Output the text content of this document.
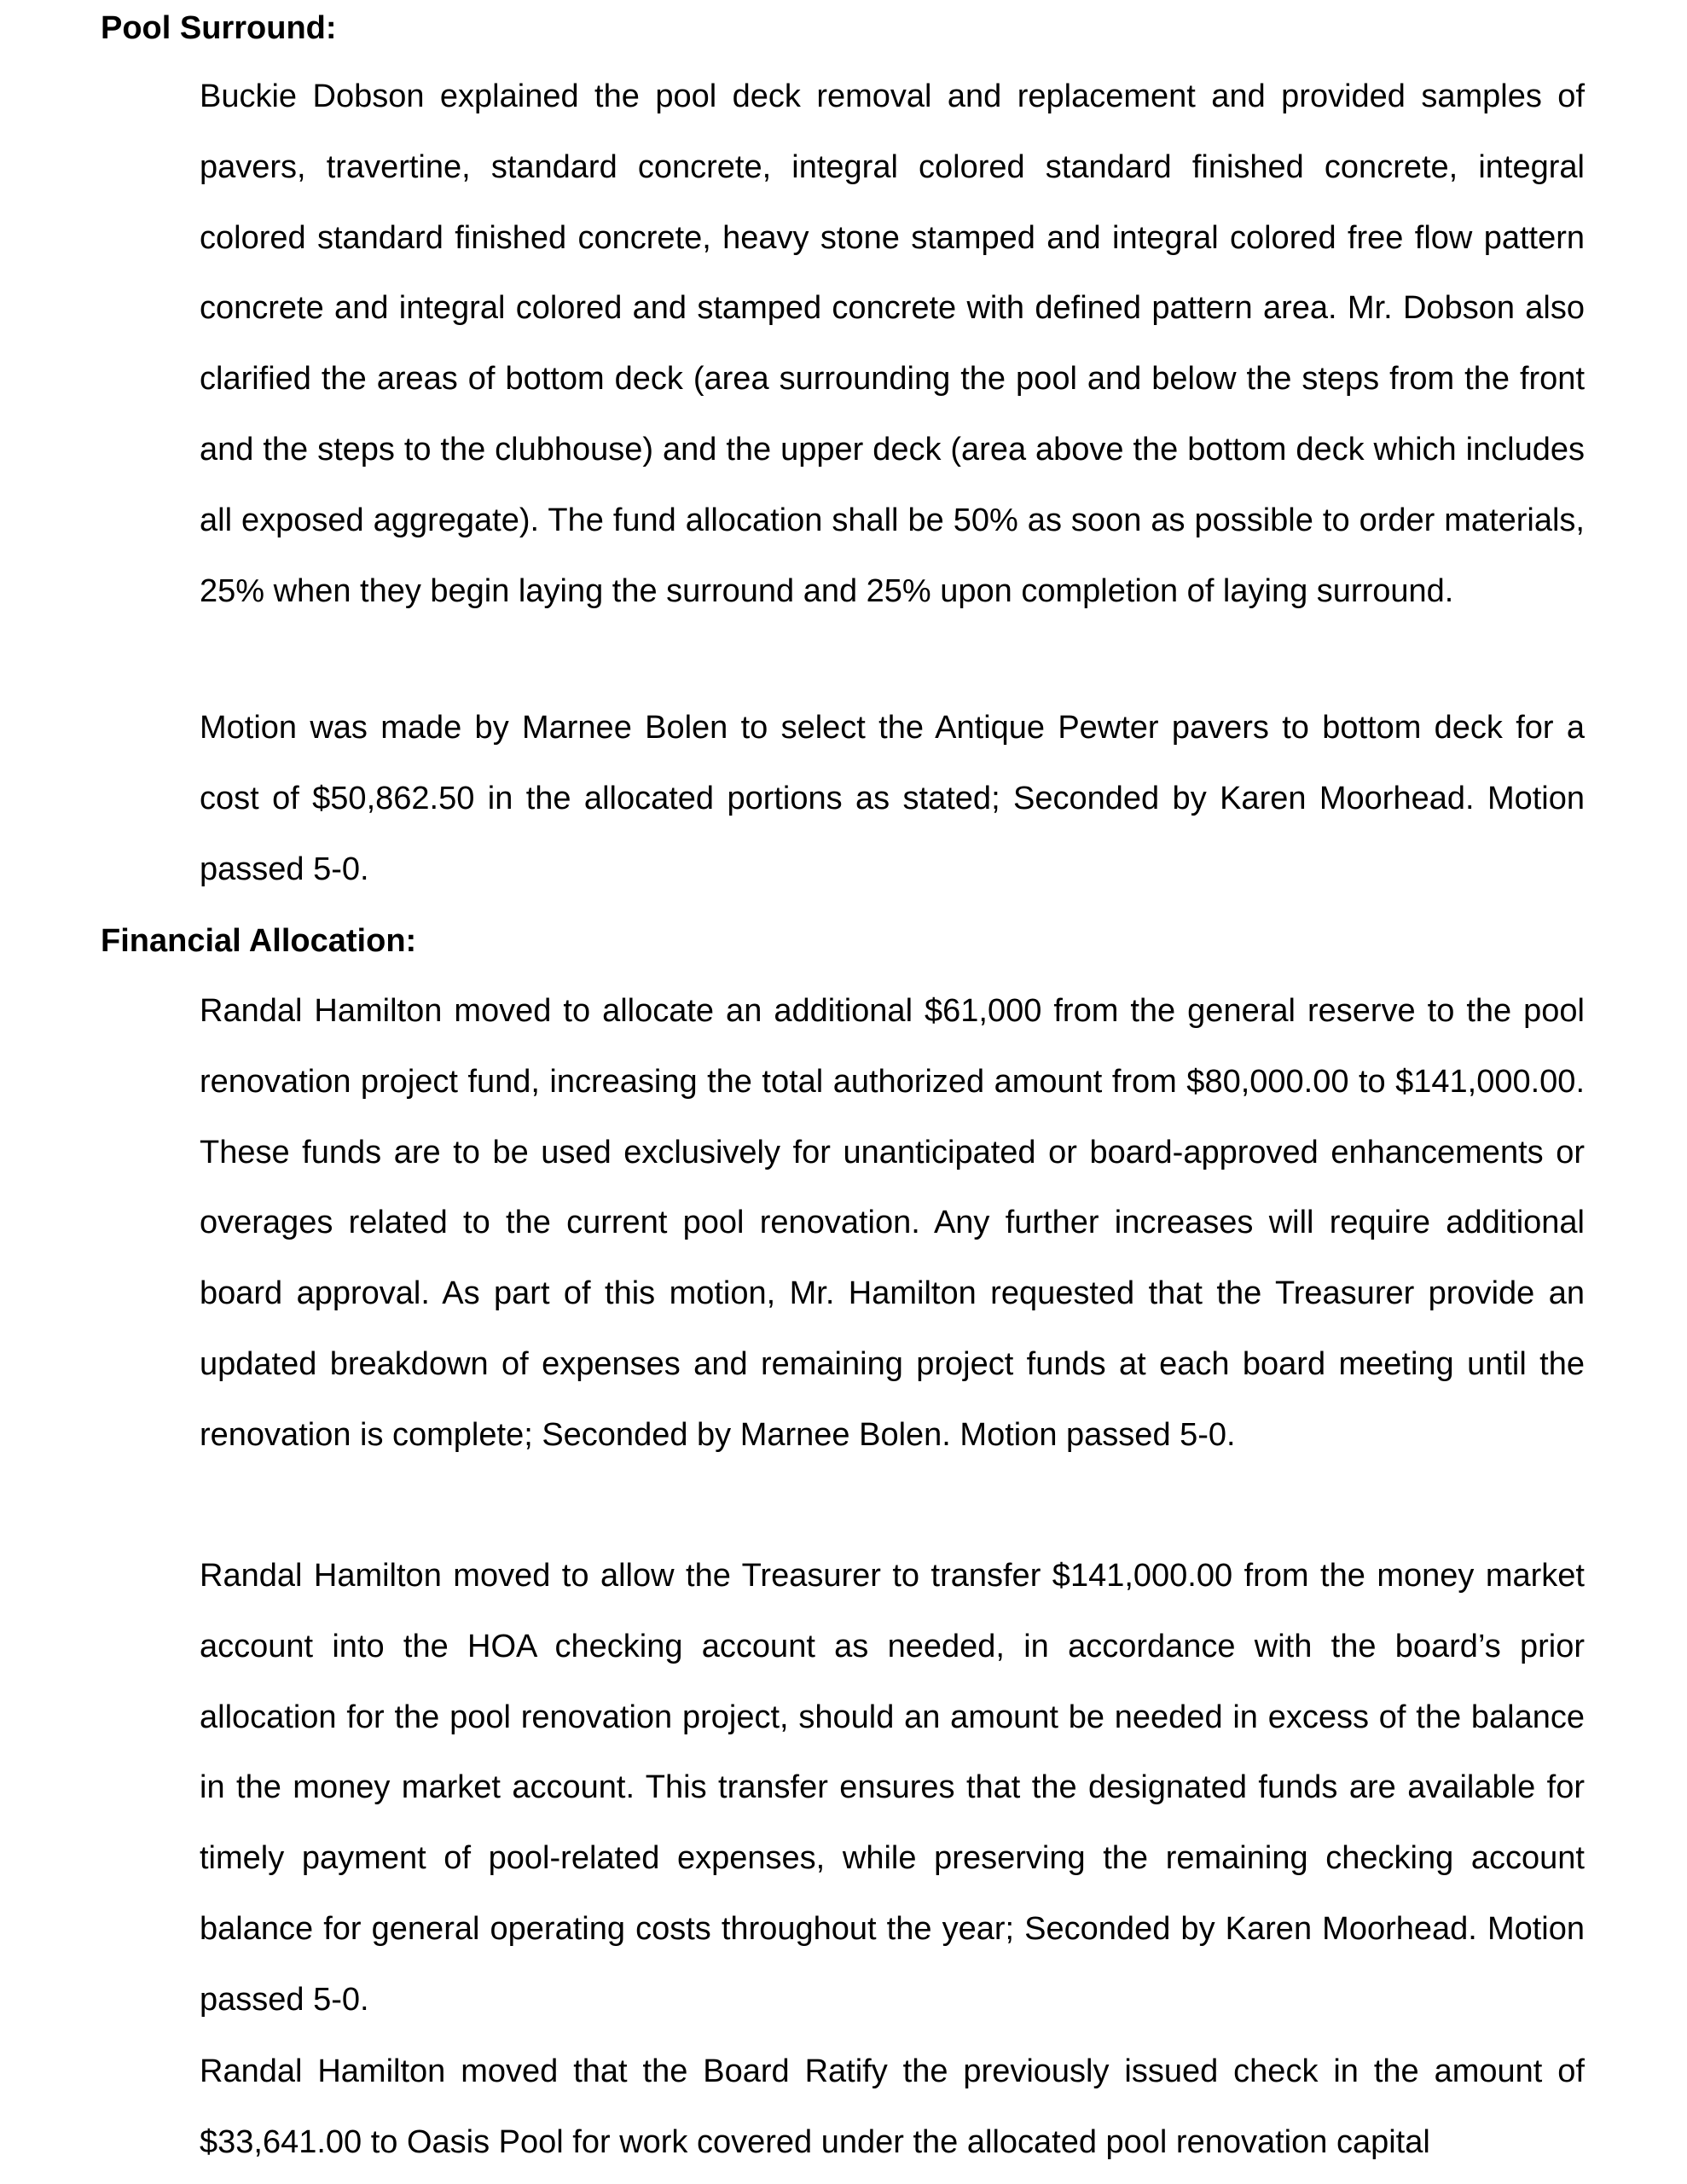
Pool Surround:

Buckie Dobson explained the pool deck removal and replacement and provided samples of pavers, travertine, standard concrete, integral colored standard finished concrete, integral colored standard finished concrete, heavy stone stamped and integral colored free flow pattern concrete and integral colored and stamped concrete with defined pattern area. Mr. Dobson also clarified the areas of bottom deck (area surrounding the pool and below the steps from the front and the steps to the clubhouse) and the upper deck (area above the bottom deck which includes all exposed aggregate). The fund allocation shall be 50% as soon as possible to order materials, 25% when they begin laying the surround and 25% upon completion of laying surround.

Motion was made by Marnee Bolen to select the Antique Pewter pavers to bottom deck for a cost of $50,862.50 in the allocated portions as stated; Seconded by Karen Moorhead. Motion passed 5-0.

Financial Allocation:

Randal Hamilton moved to allocate an additional $61,000 from the general reserve to the pool renovation project fund, increasing the total authorized amount from $80,000.00 to $141,000.00. These funds are to be used exclusively for unanticipated or board-approved enhancements or overages related to the current pool renovation. Any further increases will require additional board approval. As part of this motion, Mr. Hamilton requested that the Treasurer provide an updated breakdown of expenses and remaining project funds at each board meeting until the renovation is complete; Seconded by Marnee Bolen. Motion passed 5-0.

Randal Hamilton moved to allow the Treasurer to transfer $141,000.00 from the money market account into the HOA checking account as needed, in accordance with the board’s prior allocation for the pool renovation project, should an amount be needed in excess of the balance in the money market account. This transfer ensures that the designated funds are available for timely payment of pool-related expenses, while preserving the remaining checking account balance for general operating costs throughout the year; Seconded by Karen Moorhead. Motion passed 5-0.

Randal Hamilton moved that the Board Ratify the previously issued check in the amount of $33,641.00 to Oasis Pool for work covered under the allocated pool renovation capital
